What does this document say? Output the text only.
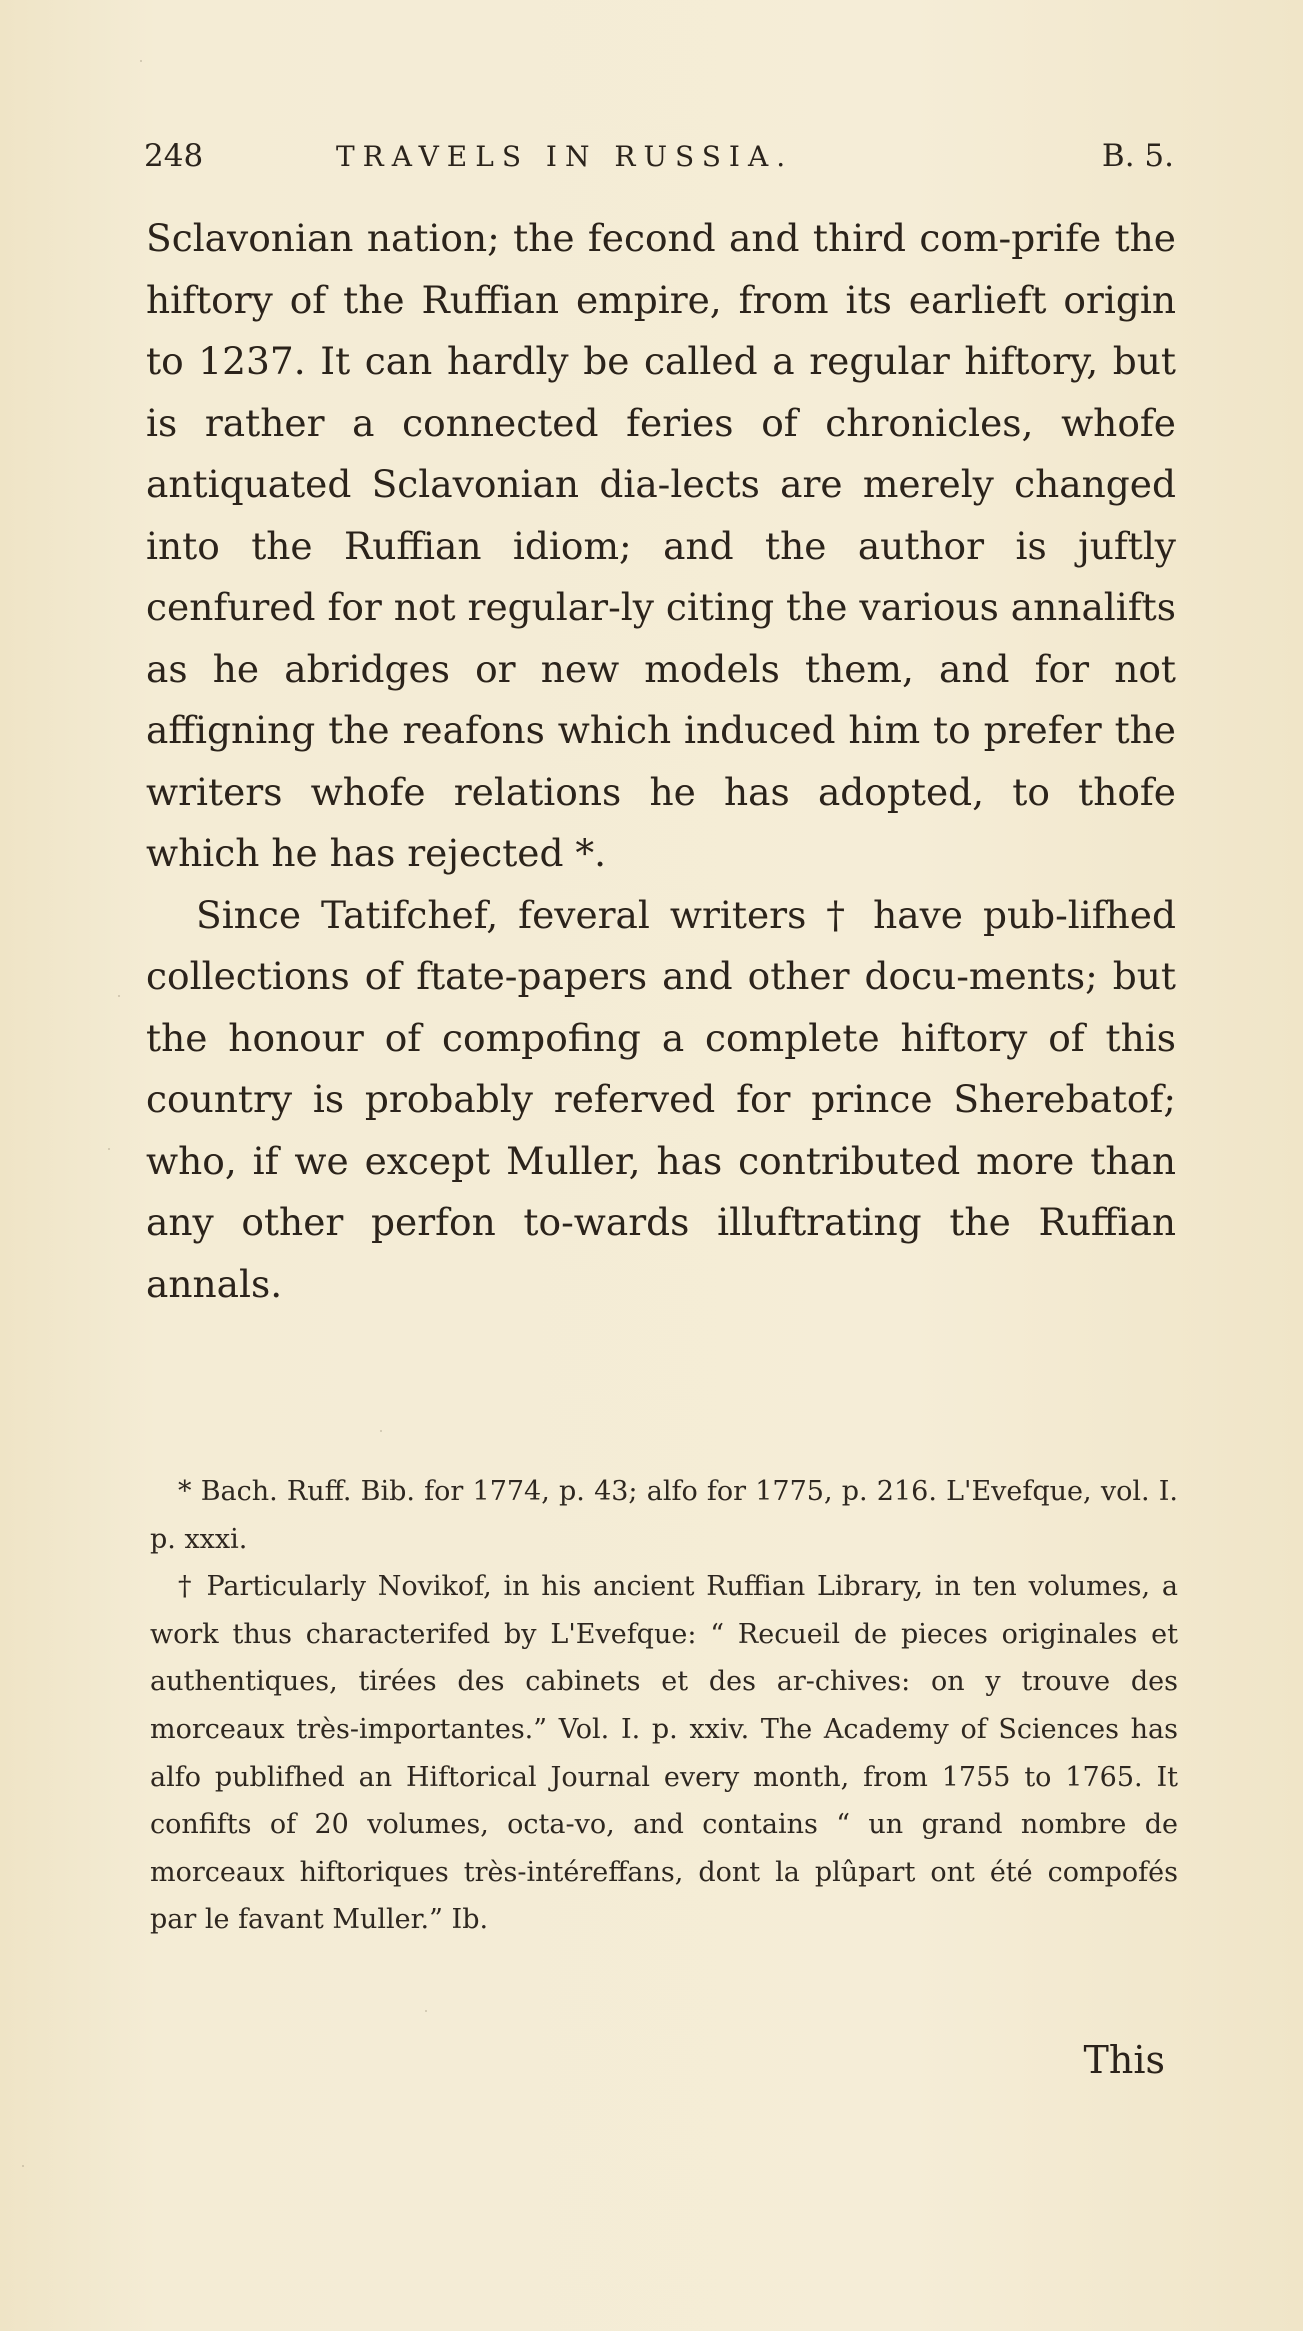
248	TRAVELS IN RUSSIA.	B. 5.

Sclavonian nation; the fecond and third com-prife the hiftory of the Ruffian empire, from its earlieft origin to 1237. It can hardly be called a regular hiftory, but is rather a connected feries of chronicles, whofe antiquated Sclavonian dia-lects are merely changed into the Ruffian idiom; and the author is juftly cenfured for not regular-ly citing the various annalifts as he abridges or new models them, and for not affigning the reafons which induced him to prefer the writers whofe relations he has adopted, to thofe which he has rejected *.

Since Tatifchef, feveral writers † have pub-lifhed collections of ftate-papers and other docu-ments; but the honour of compofing a complete hiftory of this country is probably referved for prince Sherebatof; who, if we except Muller, has contributed more than any other perfon to-wards illuftrating the Ruffian annals.

* Bach. Ruff. Bib. for 1774, p. 43; alfo for 1775, p. 216. L'Evefque, vol. I. p. xxxi.

† Particularly Novikof, in his ancient Ruffian Library, in ten volumes, a work thus characterifed by L'Evefque: “ Recueil de pieces originales et authentiques, tirées des cabinets et des ar-chives: on y trouve des morceaux très-importantes.” Vol. I. p. xxiv. The Academy of Sciences has alfo publifhed an Hiftorical Journal every month, from 1755 to 1765. It confifts of 20 volumes, octa-vo, and contains “ un grand nombre de morceaux hiftoriques très-intéreffans, dont la plûpart ont été compofés par le favant Muller.” Ib.

This
